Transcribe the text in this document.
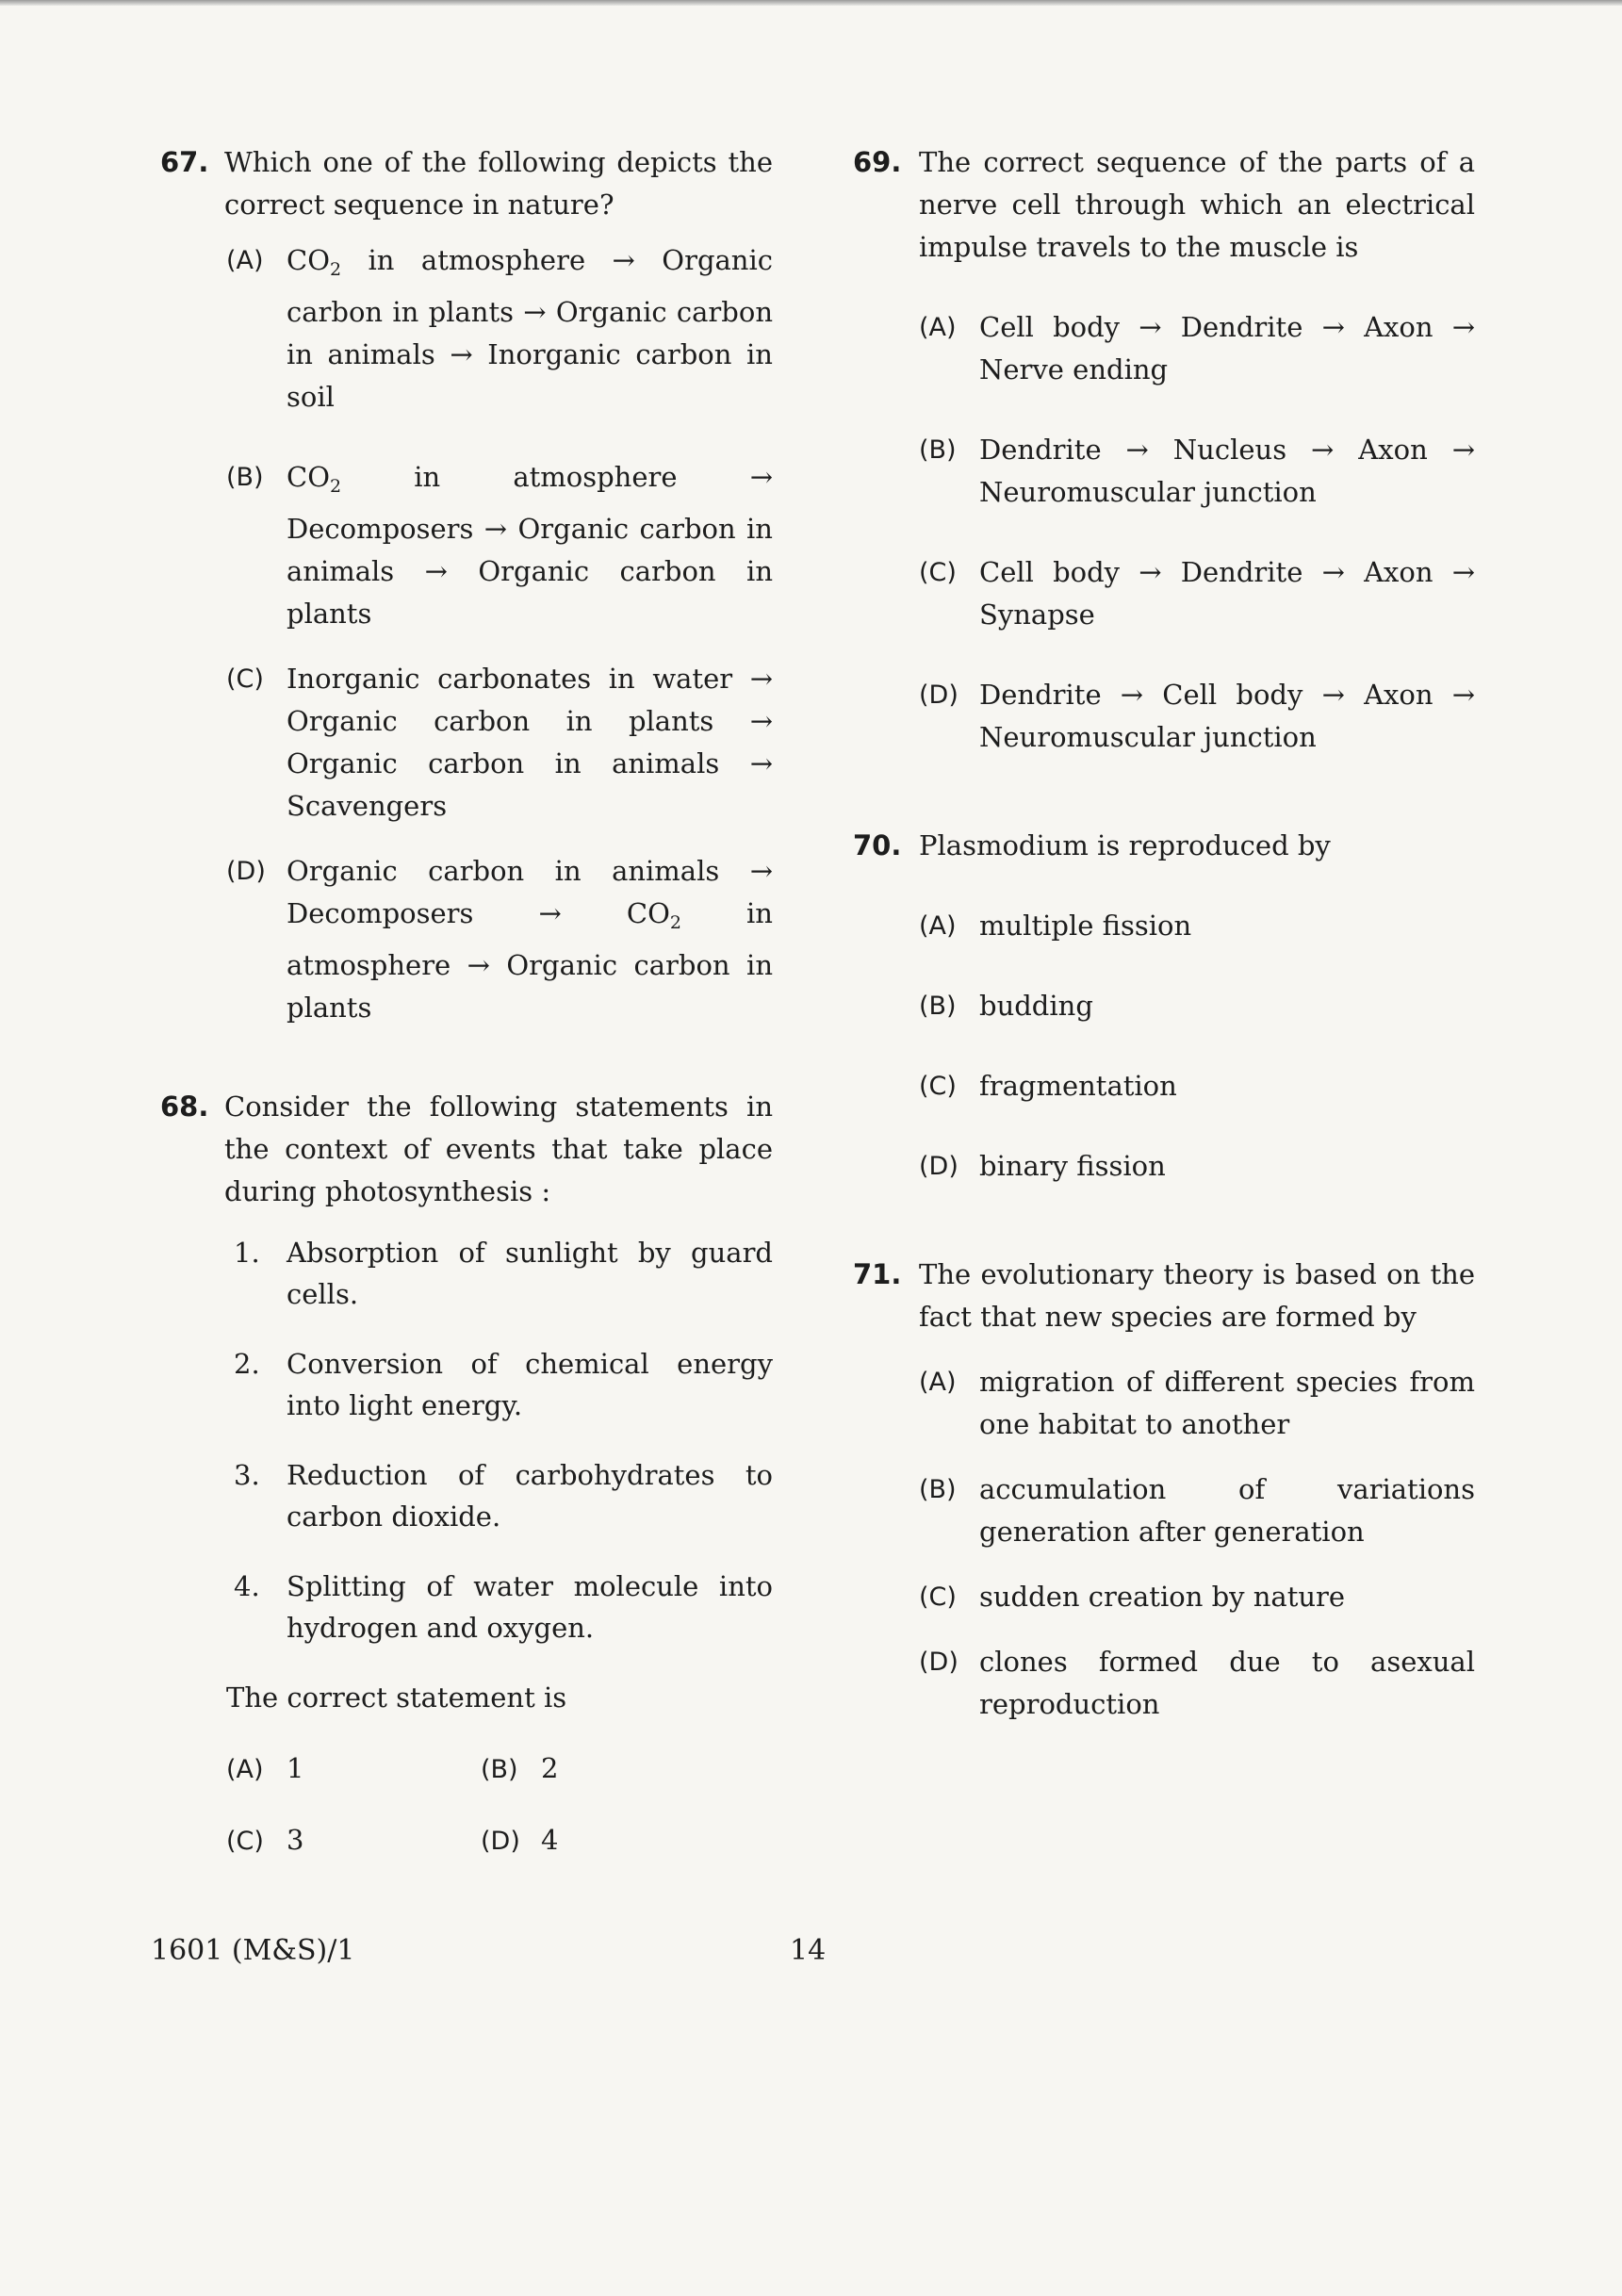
67. Which one of the following depicts the correct sequence in nature?
(A) $CO_2$ in atmosphere → Organic carbon in plants → Organic carbon in animals → Inorganic carbon in soil
(B) $CO_2$ in atmosphere → Decomposers → Organic carbon in animals → Organic carbon in plants
(C) Inorganic carbonates in water → Organic carbon in plants → Organic carbon in animals → Scavengers
(D) Organic carbon in animals → Decomposers → $CO_2$ in atmosphere → Organic carbon in plants
68. Consider the following statements in the context of events that take place during photosynthesis :
1. Absorption of sunlight by guard cells.
2. Conversion of chemical energy into light energy.
3. Reduction of carbohydrates to carbon dioxide.
4. Splitting of water molecule into hydrogen and oxygen.
The correct statement is
(A) 1	(B) 2
(C) 3	(D) 4
69. The correct sequence of the parts of a nerve cell through which an electrical impulse travels to the muscle is
(A) Cell body → Dendrite → Axon → Nerve ending
(B) Dendrite → Nucleus → Axon → Neuromuscular junction
(C) Cell body → Dendrite → Axon → Synapse
(D) Dendrite → Cell body → Axon → Neuromuscular junction
70. Plasmodium is reproduced by
(A) multiple fission
(B) budding
(C) fragmentation
(D) binary fission
71. The evolutionary theory is based on the fact that new species are formed by
(A) migration of different species from one habitat to another
(B) accumulation of variations generation after generation
(C) sudden creation by nature
(D) clones formed due to asexual reproduction
1601 (M&S)/1	14
